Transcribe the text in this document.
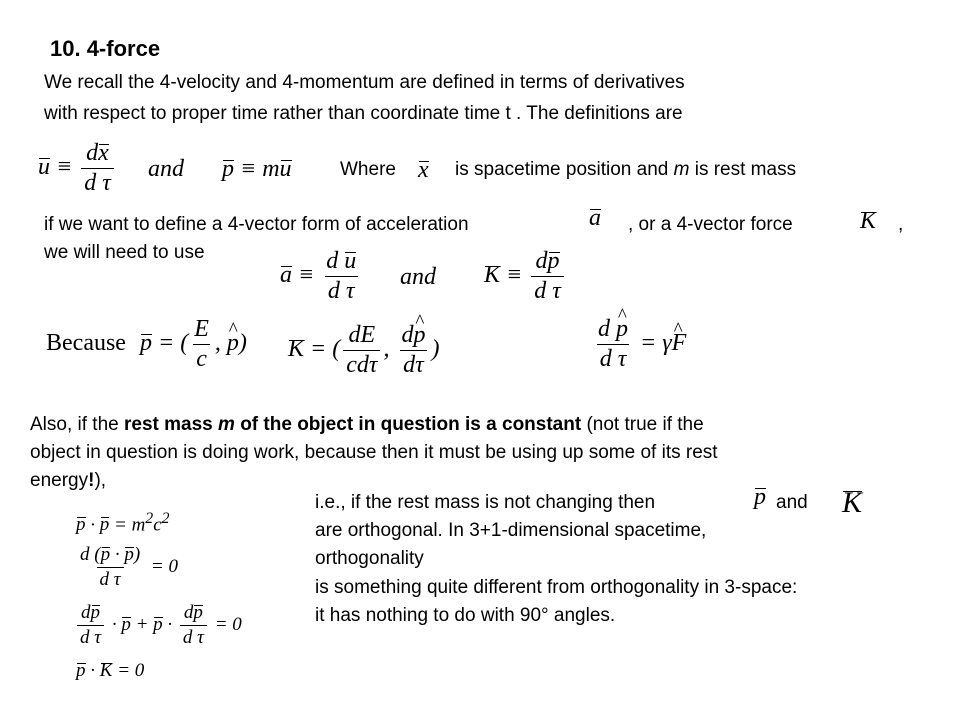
10. 4-force
We recall the 4-velocity and 4-momentum are defined in terms of derivatives
with respect to proper time rather than coordinate time t . The definitions are
$u \equiv \frac{dx}{\text{d τ}}$ and p ≡ mu	Where x is spacetime position and m is rest mass
if we want to define a 4-vector form of acceleration	a , or a 4-vector force	K ,
we will need to use
$a \equiv \frac{\text{d u}}{\text{d τ}}$ and $K \equiv \frac{dp}{\text{d τ}}$
Because p = ( $\frac{E}{c}$ , ^ p) K = ( $\frac{dE}{\text{cdτ}}$ , $\frac{d\^{} p}{d\tau}$ )	$\frac{d \^{} p}{\text{d τ}}$ = γ^ F
Also, if the rest mass m of the object in question is a constant (not true if the
object in question is doing work, because then it must be using up some of its rest
energy!),
i.e., if the rest mass is not changing then	p and K
are orthogonal. In 3+1-dimensional spacetime,
orthogonality
is something quite different from orthogonality in 3-space:
it has nothing to do with 90° angles.
$p \cdot p = m^2c^2$
$\frac{d (p \cdot p)}{\text{d τ}} = 0$
$\frac{dp}{\text{d τ}} \cdot p + p \cdot \frac{dp}{\text{d τ}} = 0$
p · K = 0
